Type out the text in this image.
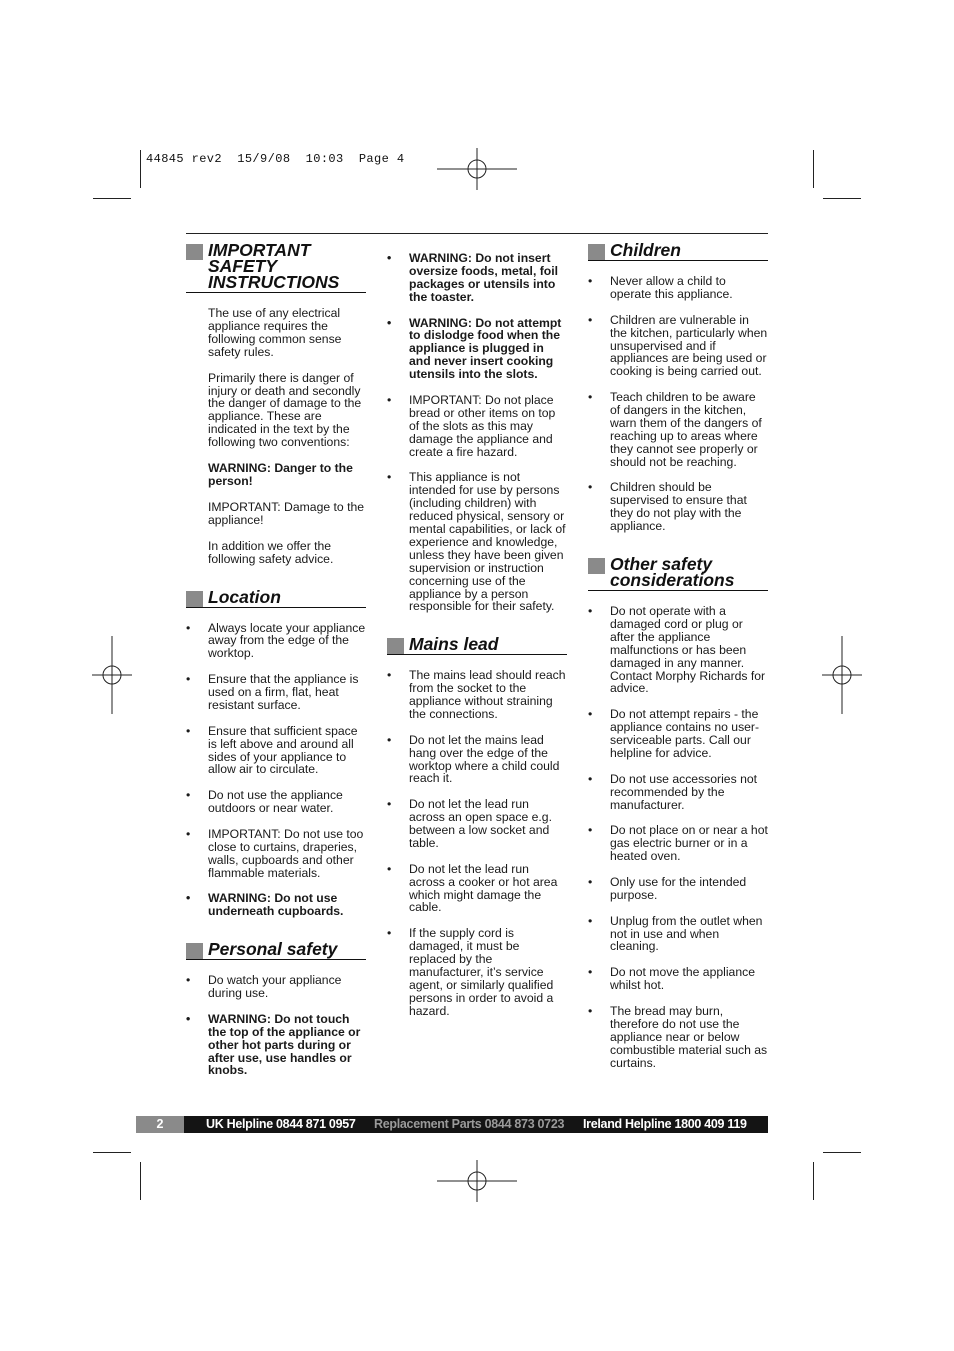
44845 rev2  15/9/08  10:03  Page 4
IMPORTANT
SAFETY
INSTRUCTIONS
The use of any electrical appliance requires the following common sense safety rules.
Primarily there is danger of injury or death and secondly the danger of damage to the appliance. These are indicated in the text by the following two conventions:
WARNING: Danger to the person!
IMPORTANT: Damage to the appliance!
In addition we offer the following safety advice.
Location
• Always locate your appliance away from the edge of the worktop.
• Ensure that the appliance is used on a firm, flat, heat resistant surface.
• Ensure that sufficient space is left above and around all sides of your appliance to allow air to circulate.
• Do not use the appliance outdoors or near water.
• IMPORTANT: Do not use too close to curtains, draperies, walls, cupboards and other flammable materials.
• WARNING: Do not use underneath cupboards.
Personal safety
• Do watch your appliance during use.
• WARNING: Do not touch the top of the appliance or other hot parts during or after use, use handles or knobs.
• WARNING: Do not insert oversize foods, metal, foil packages or utensils into the toaster.
• WARNING: Do not attempt to dislodge food when the appliance is plugged in and never insert cooking utensils into the slots.
• IMPORTANT: Do not place bread or other items on top of the slots as this may damage the appliance and create a fire hazard.
• This appliance is not intended for use by persons (including children) with reduced physical, sensory or mental capabilities, or lack of experience and knowledge, unless they have been given supervision or instruction concerning use of the appliance by a person responsible for their safety.
Mains lead
• The mains lead should reach from the socket to the appliance without straining the connections.
• Do not let the mains lead hang over the edge of the worktop where a child could reach it.
• Do not let the lead run across an open space e.g. between a low socket and table.
• Do not let the lead run across a cooker or hot area which might damage the cable.
• If the supply cord is damaged, it must be replaced by the manufacturer, it’s service agent, or similarly qualified persons in order to avoid a hazard.
Children
• Never allow a child to operate this appliance.
• Children are vulnerable in the kitchen, particularly when unsupervised and if appliances are being used or cooking is being carried out.
• Teach children to be aware of dangers in the kitchen, warn them of the dangers of reaching up to areas where they cannot see properly or should not be reaching.
• Children should be supervised to ensure that they do not play with the appliance.
Other safety
considerations
• Do not operate with a damaged cord or plug or after the appliance malfunctions or has been damaged in any manner. Contact Morphy Richards for advice.
• Do not attempt repairs - the appliance contains no user-serviceable parts. Call our helpline for advice.
• Do not use accessories not recommended by the manufacturer.
• Do not place on or near a hot gas electric burner or in a heated oven.
• Only use for the intended purpose.
• Unplug from the outlet when not in use and when cleaning.
• Do not move the appliance whilst hot.
• The bread may burn, therefore do not use the appliance near or below combustible material such as curtains.
2	UK Helpline 0844 871 0957 Replacement Parts 0844 873 0723 Ireland Helpline 1800 409 119
